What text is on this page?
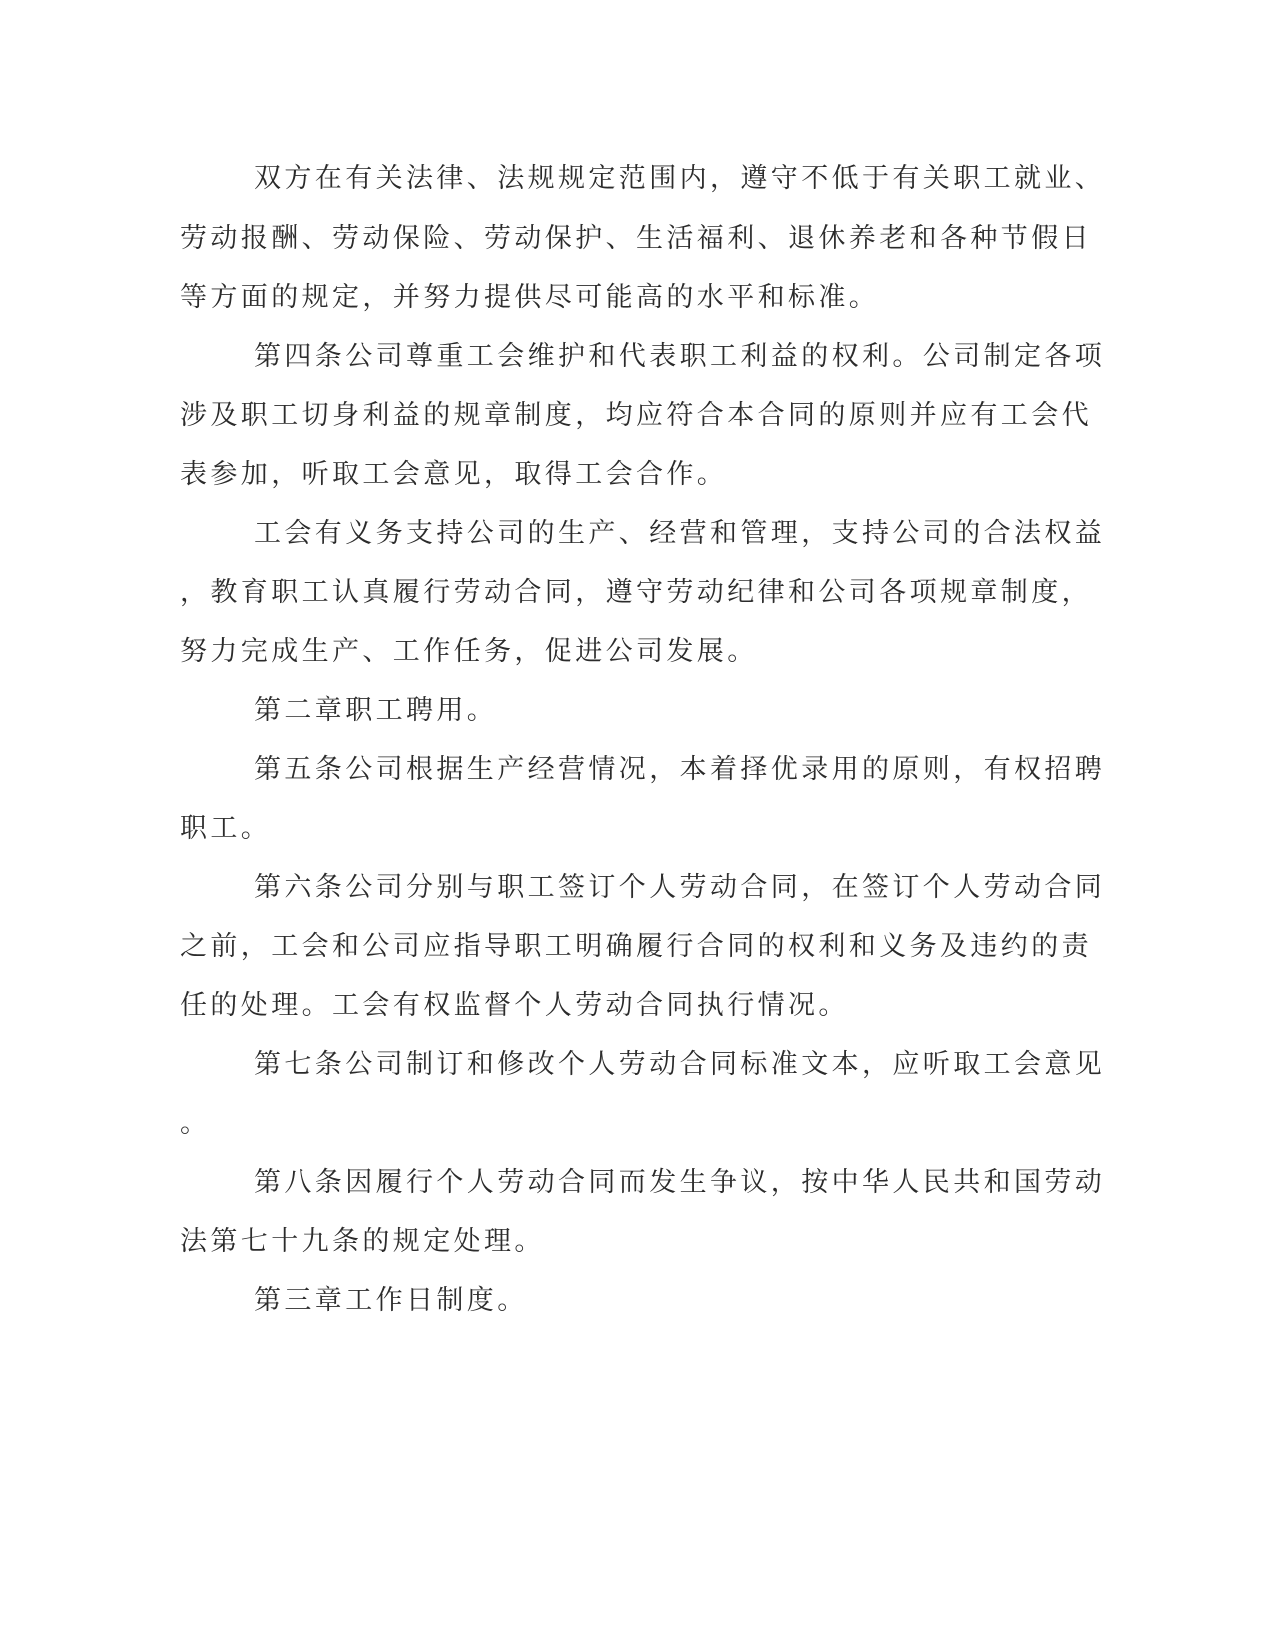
双方在有关法律、法规规定范围内，遵守不低于有关职工就业、
劳动报酬、劳动保险、劳动保护、生活福利、退休养老和各种节假日
等方面的规定，并努力提供尽可能高的水平和标准。
第四条公司尊重工会维护和代表职工利益的权利。公司制定各项
涉及职工切身利益的规章制度，均应符合本合同的原则并应有工会代
表参加，听取工会意见，取得工会合作。
工会有义务支持公司的生产、经营和管理，支持公司的合法权益
，教育职工认真履行劳动合同，遵守劳动纪律和公司各项规章制度，
努力完成生产、工作任务，促进公司发展。
第二章职工聘用。
第五条公司根据生产经营情况，本着择优录用的原则，有权招聘
职工。
第六条公司分别与职工签订个人劳动合同，在签订个人劳动合同
之前，工会和公司应指导职工明确履行合同的权利和义务及违约的责
任的处理。工会有权监督个人劳动合同执行情况。
第七条公司制订和修改个人劳动合同标准文本，应听取工会意见
。
第八条因履行个人劳动合同而发生争议，按中华人民共和国劳动
法第七十九条的规定处理。
第三章工作日制度。
